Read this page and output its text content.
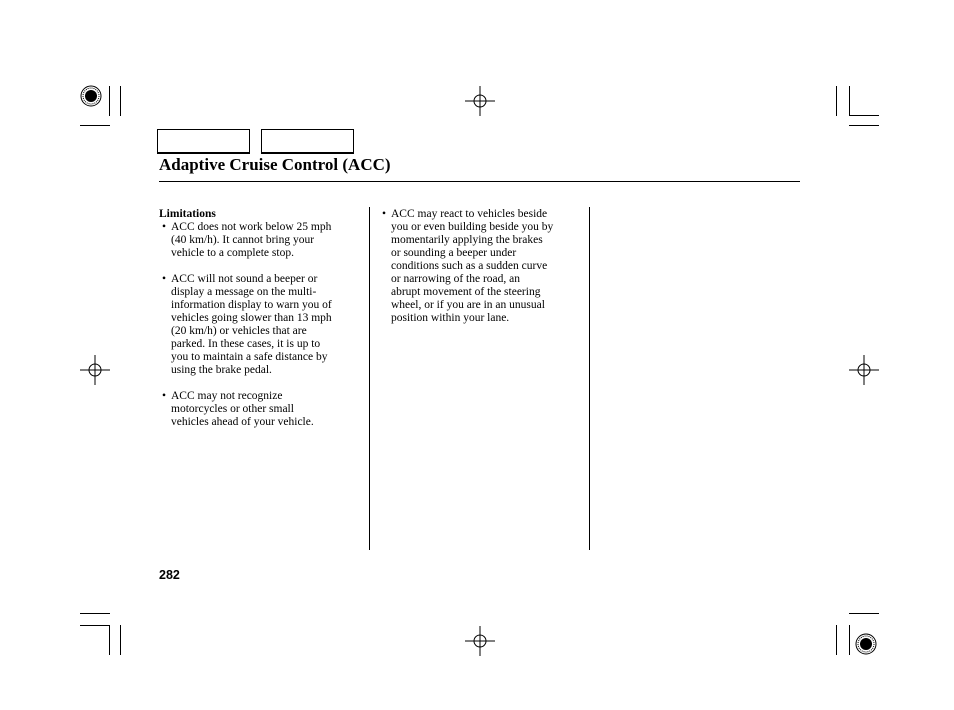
Adaptive Cruise Control (ACC)
Limitations
• ACC does not work below 25 mph
(40 km/h). It cannot bring your
vehicle to a complete stop.
• ACC will not sound a beeper or
display a message on the multi-
information display to warn you of
vehicles going slower than 13 mph
(20 km/h) or vehicles that are
parked. In these cases, it is up to
you to maintain a safe distance by
using the brake pedal.
• ACC may not recognize
motorcycles or other small
vehicles ahead of your vehicle.
• ACC may react to vehicles beside
you or even building beside you by
momentarily applying the brakes
or sounding a beeper under
conditions such as a sudden curve
or narrowing of the road, an
abrupt movement of the steering
wheel, or if you are in an unusual
position within your lane.
282
